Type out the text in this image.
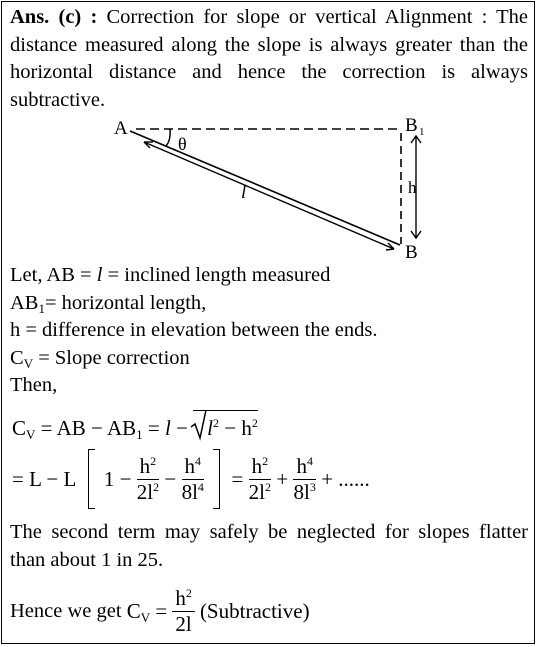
Ans. (c) : Correction for slope or vertical Alignment : The distance measured along the slope is always greater than the horizontal distance and hence the correction is always subtractive.
A	B 1
B
θ
l	h
Let, AB = l = inclined length measured
$AB_1=$ horizontal length,
h = difference in elevation between the ends.
$C_V$ = Slope correction
Then,
$C_V$ = AB − $AB_1 = l - l^2 - h^2$
= L − L $1 - \frac{h^2}{2l^2} - \frac{h^4}{8l^4} = \frac{h^2}{2l^2} + \frac{h^4}{8l^3}$ + ......
The second term may safely be neglected for slopes flatter than about 1 in 25.
Hence we get $C_V = \frac{h^2}{2l}$ (Subtractive)
